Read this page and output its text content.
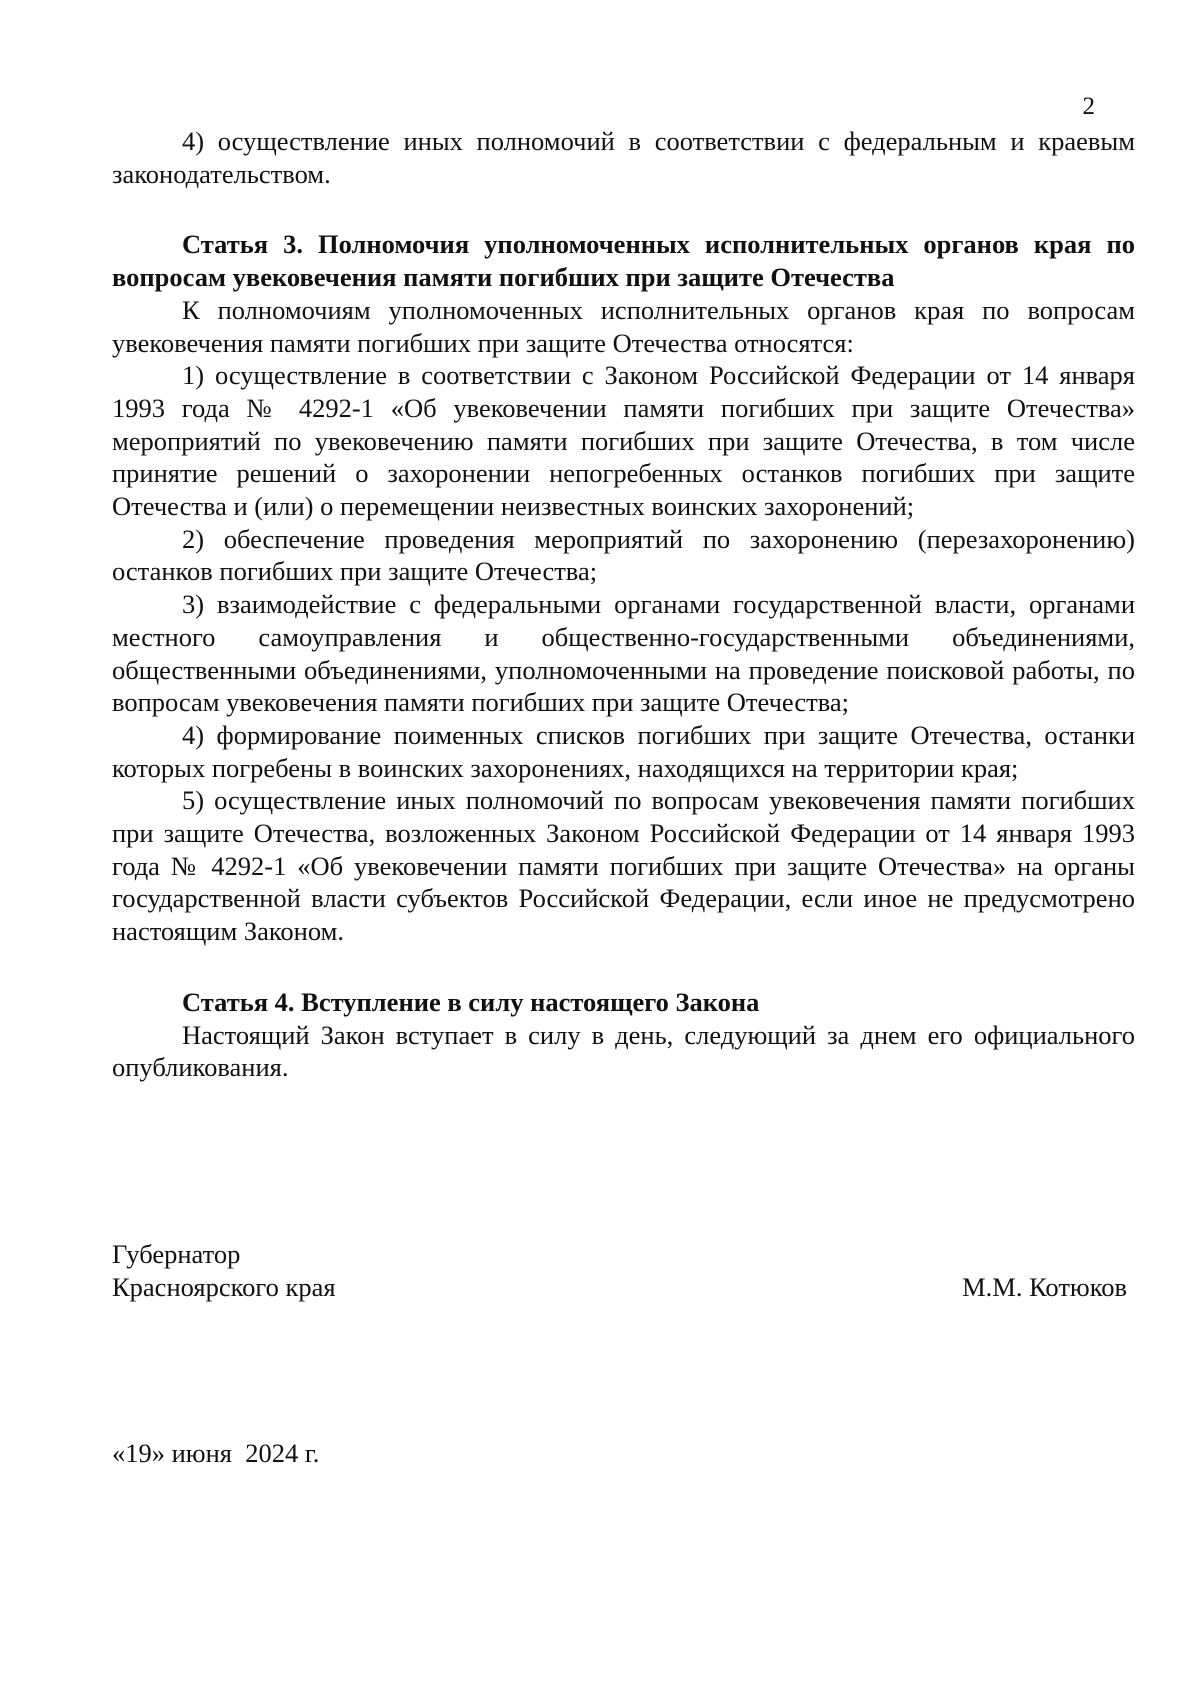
2

4) осуществление иных полномочий в соответствии с федеральным и краевым законодательством.

Статья 3. Полномочия уполномоченных исполнительных органов края по вопросам увековечения памяти погибших при защите Отечества

К полномочиям уполномоченных исполнительных органов края по вопросам увековечения памяти погибших при защите Отечества относятся:

1) осуществление в соответствии с Законом Российской Федерации от 14 января 1993 года № 4292-1 «Об увековечении памяти погибших при защите Отечества» мероприятий по увековечению памяти погибших при защите Отечества, в том числе принятие решений о захоронении непогребенных останков погибших при защите Отечества и (или) о перемещении неизвестных воинских захоронений;

2) обеспечение проведения мероприятий по захоронению (перезахоронению) останков погибших при защите Отечества;

3) взаимодействие с федеральными органами государственной власти, органами местного самоуправления и общественно-государственными объединениями, общественными объединениями, уполномоченными на проведение поисковой работы, по вопросам увековечения памяти погибших при защите Отечества;

4) формирование поименных списков погибших при защите Отечества, останки которых погребены в воинских захоронениях, находящихся на территории края;

5) осуществление иных полномочий по вопросам увековечения памяти погибших при защите Отечества, возложенных Законом Российской Федерации от 14 января 1993 года № 4292-1 «Об увековечении памяти погибших при защите Отечества» на органы государственной власти субъектов Российской Федерации, если иное не предусмотрено настоящим Законом.

Статья 4. Вступление в силу настоящего Закона

Настоящий Закон вступает в силу в день, следующий за днем его официального опубликования.

Губернатор
Красноярского края	М.М. Котюков
«19» июня  2024 г.
